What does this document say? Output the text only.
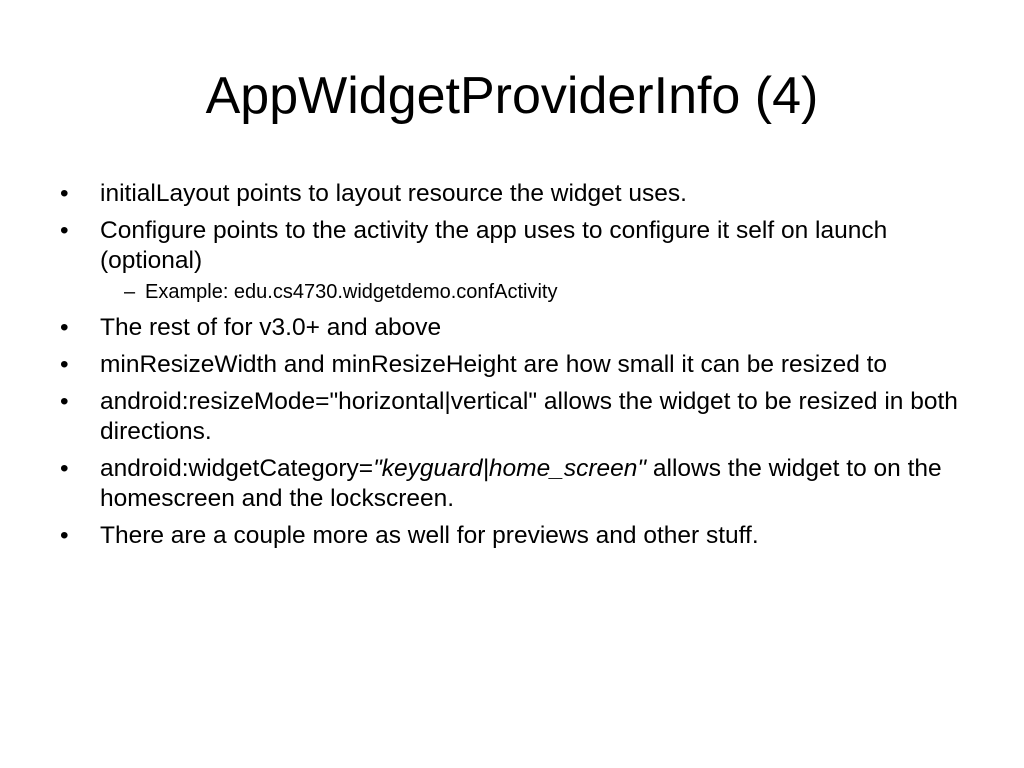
AppWidgetProviderInfo (4)
•	initialLayout points to layout resource the widget uses.
•	Configure points to the activity the app uses to configure it self on launch (optional)
– Example: edu.cs4730.widgetdemo.confActivity
•	The rest of for v3.0+ and above
•	minResizeWidth and minResizeHeight are how small it can be resized to
•	android:resizeMode="horizontal|vertical" allows the widget to be resized in both directions.
•	android:widgetCategory="keyguard|home_screen" allows the widget to on the homescreen and the lockscreen.
•	There are a couple more as well for previews and other stuff.
